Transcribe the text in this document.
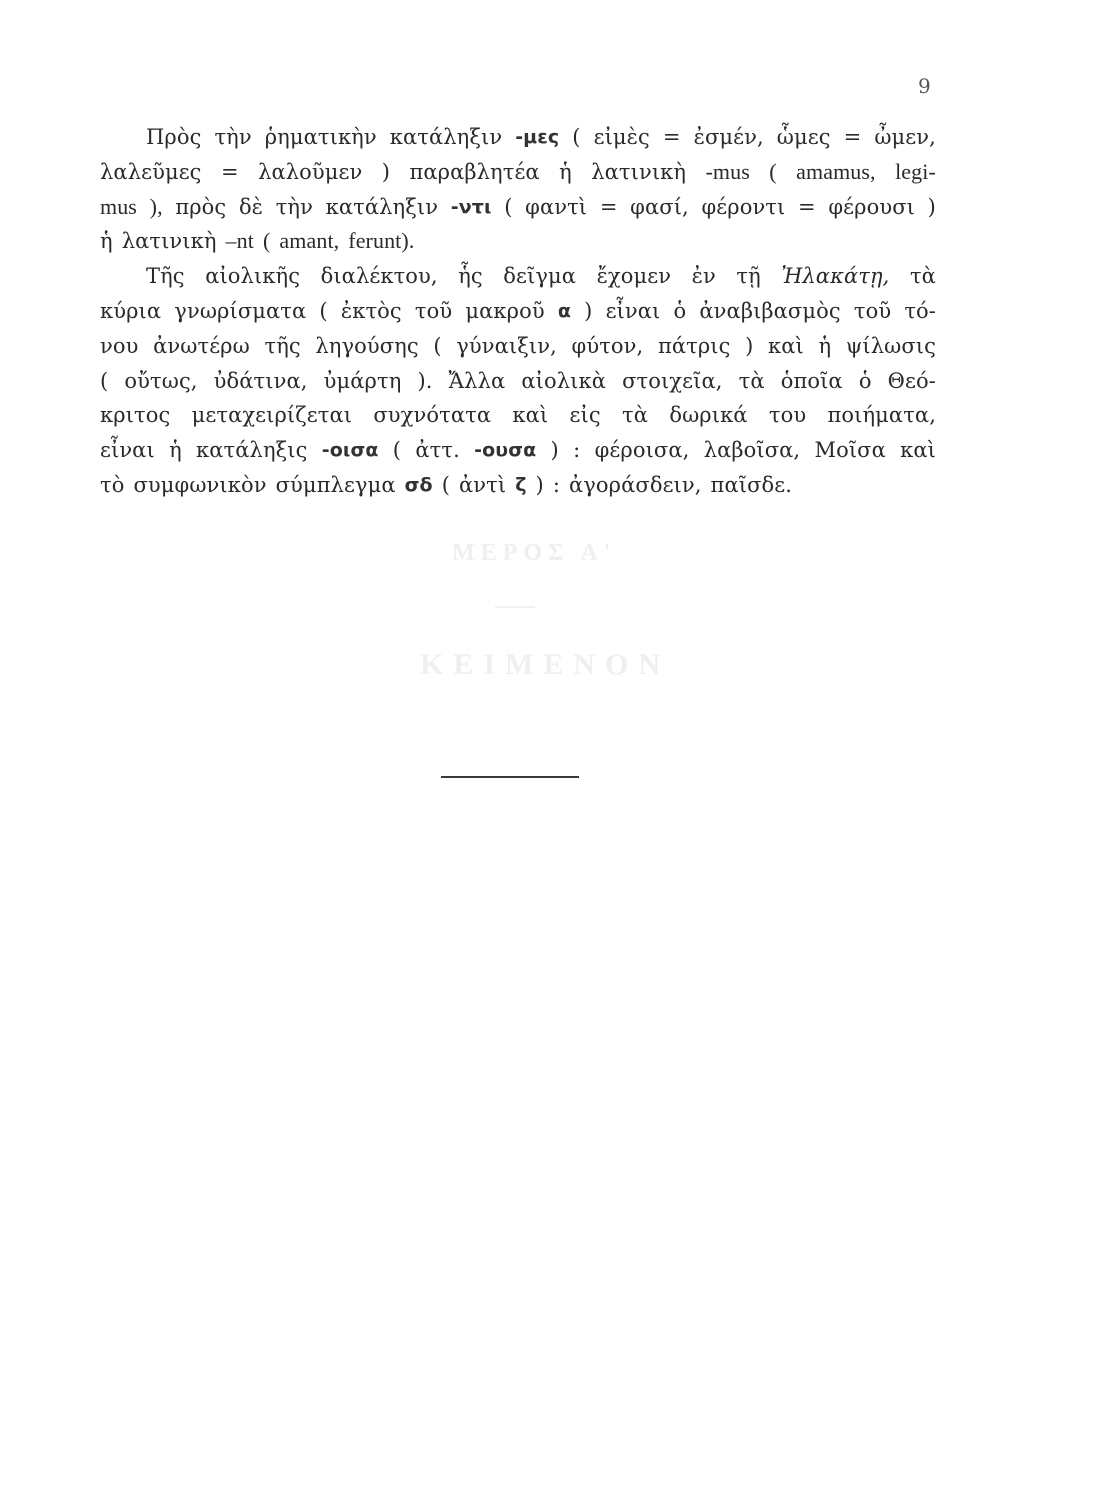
9
ΜΕΡΟΣ Α'
ΚΕΙΜΕΝΟΝ
Πρὸς τὴν ῥηματικὴν κατάληξιν -μες ( εἰμὲς = ἐσμέν, ὧμες = ὦμεν,
λαλεῦμες = λαλοῦμεν ) παραβλητέα ἡ λατινικὴ -mus ( amamus, legi-
mus ), πρὸς δὲ τὴν κατάληξιν -ντι ( φαντὶ = φασί, φέροντι = φέρουσι )
ἡ λατινικὴ –nt ( amant, ferunt).
Τῆς αἰολικῆς διαλέκτου, ἧς δεῖγμα ἔχομεν ἐν τῇ Ἠλακάτῃ, τὰ
κύρια γνωρίσματα ( ἐκτὸς τοῦ μακροῦ α ) εἶναι ὁ ἀναβιβασμὸς τοῦ τό-
νου ἀνωτέρω τῆς ληγούσης ( γύναιξιν, φύτον, πάτρις ) καὶ ἡ ψίλωσις
( οὔτως, ὐδάτινα, ὐμάρτη ). Ἄλλα αἰολικὰ στοιχεῖα, τὰ ὁποῖα ὁ Θεό-
κριτος μεταχειρίζεται συχνότατα καὶ εἰς τὰ δωρικά του ποιήματα,
εἶναι ἡ κατάληξις -οισα ( ἀττ. -ουσα ) : φέροισα, λαβοῖσα, Μοῖσα καὶ
τὸ συμφωνικὸν σύμπλεγμα σδ ( ἀντὶ ζ ) : ἀγοράσδειν, παῖσδε.
